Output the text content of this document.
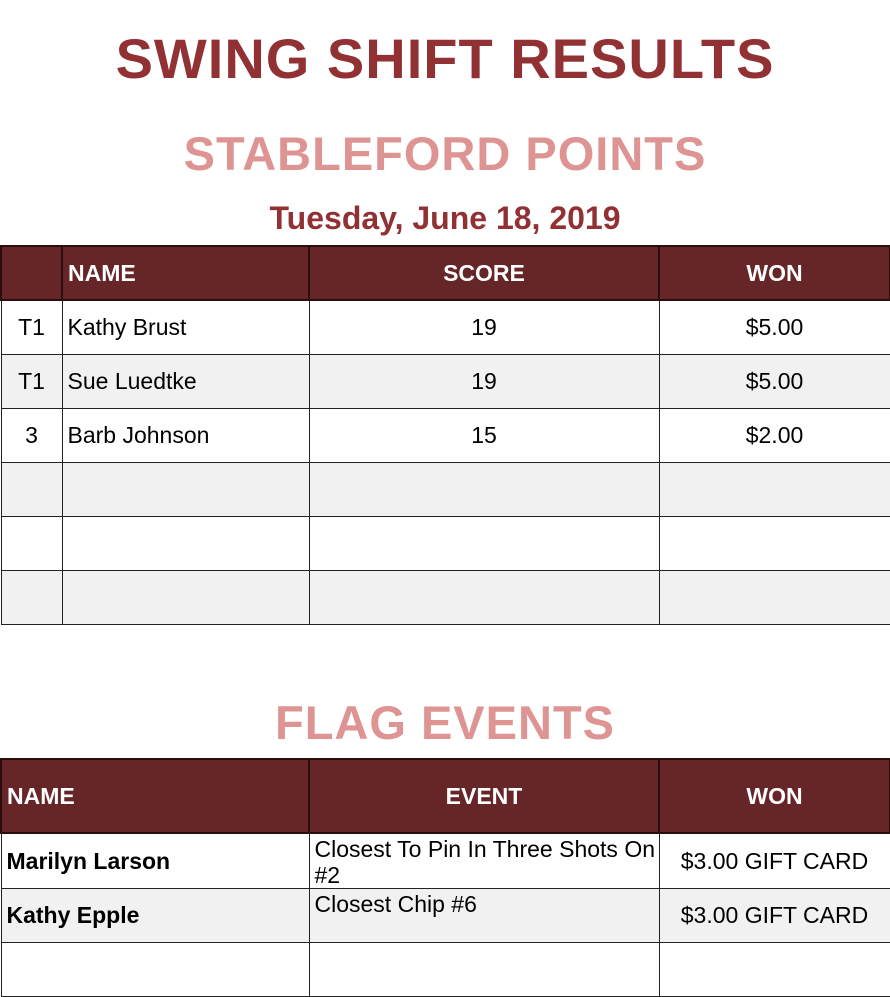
SWING SHIFT RESULTS
STABLEFORD POINTS
Tuesday, June 18, 2019
	NAME	SCORE	WON
T1	Kathy Brust	19	$5.00
T1	Sue Luedtke	19	$5.00
3	Barb Johnson	15	$2.00

FLAG EVENTS
NAME	EVENT	WON
Marilyn Larson	Closest To Pin In Three Shots On #2	$3.00 GIFT CARD
Kathy Epple	Closest Chip #6	$3.00 GIFT CARD
